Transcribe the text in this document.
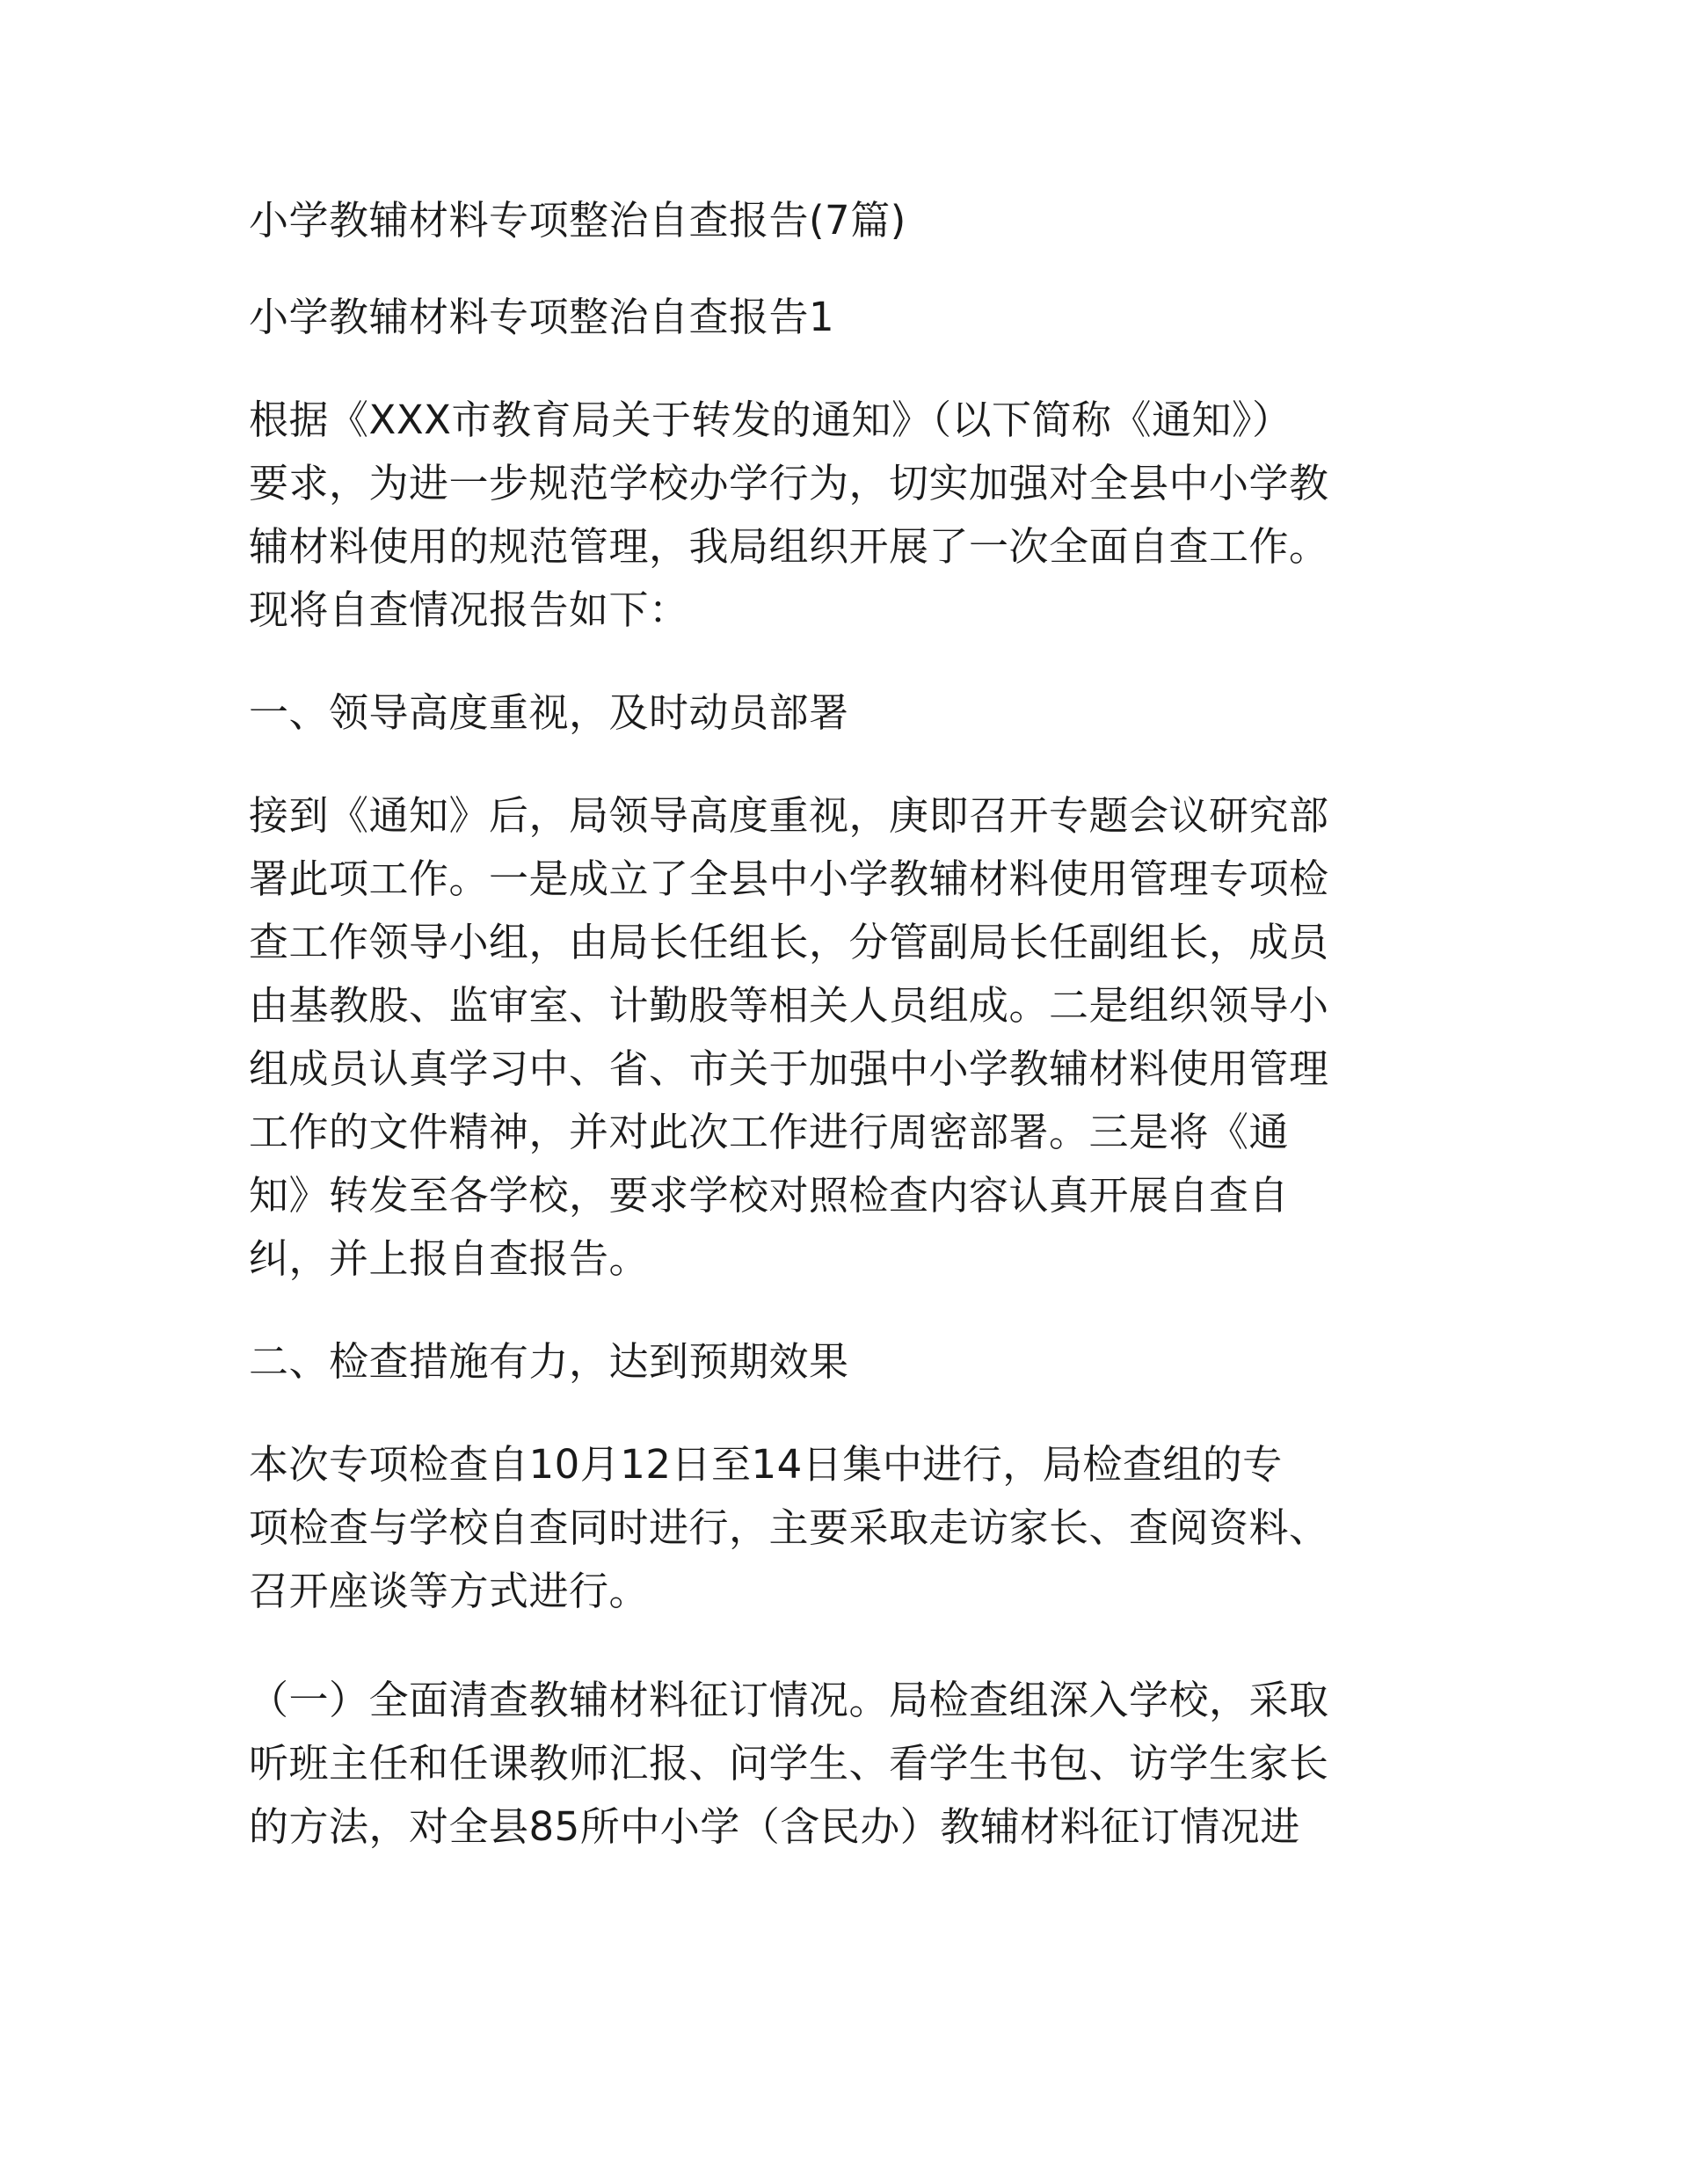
小学教辅材料专项整治自查报告(7篇)
小学教辅材料专项整治自查报告1
根据《XXX市教育局关于转发的通知》（以下简称《通知》）
要求，为进一步规范学校办学行为，切实加强对全县中小学教
辅材料使用的规范管理，我局组织开展了一次全面自查工作。
现将自查情况报告如下：
一、领导高度重视，及时动员部署
接到《通知》后，局领导高度重视，庚即召开专题会议研究部
署此项工作。一是成立了全县中小学教辅材料使用管理专项检
查工作领导小组，由局长任组长，分管副局长任副组长，成员
由基教股、监审室、计勤股等相关人员组成。二是组织领导小
组成员认真学习中、省、市关于加强中小学教辅材料使用管理
工作的文件精神，并对此次工作进行周密部署。三是将《通
知》转发至各学校，要求学校对照检查内容认真开展自查自
纠，并上报自查报告。
二、检查措施有力，达到预期效果
本次专项检查自10月12日至14日集中进行，局检查组的专
项检查与学校自查同时进行，主要采取走访家长、查阅资料、
召开座谈等方式进行。
（一）全面清查教辅材料征订情况。局检查组深入学校，采取
听班主任和任课教师汇报、问学生、看学生书包、访学生家长
的方法，对全县85所中小学（含民办）教辅材料征订情况进
